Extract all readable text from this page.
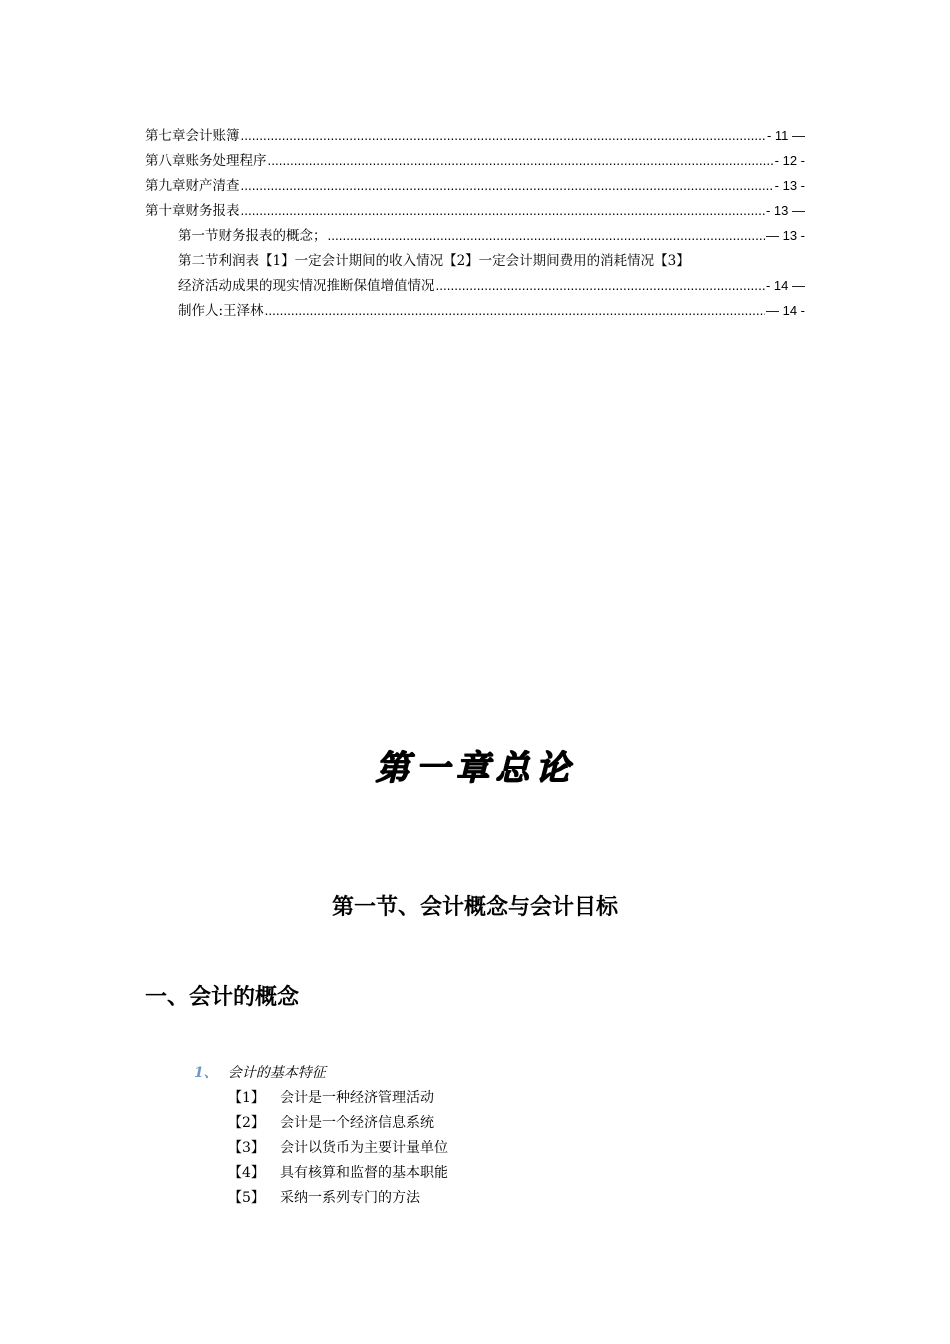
第七章会计账簿 .....	- 11 —
第八章账务处理程序 .....	- 12 -
第九章财产清查 .....	- 13 -
第十章财务报表 .....	- 13 —
第一节财务报表的概念； .....	— 13 -
第二节利润表【1】一定会计期间的收入情况【2】一定会计期间费用的消耗情况【3】
经济活动成果的现实情况推断保值增值情况 .....	- 14 —
制作人:王泽林 .....	— 14 -
第一章总论
第一节、会计概念与会计目标
一、会计的概念
1、 会计的基本特征
【1】	会计是一种经济管理活动
【2】	会计是一个经济信息系统
【3】	会计以货币为主要计量单位
【4】	具有核算和监督的基本职能
【5】	采纳一系列专门的方法
